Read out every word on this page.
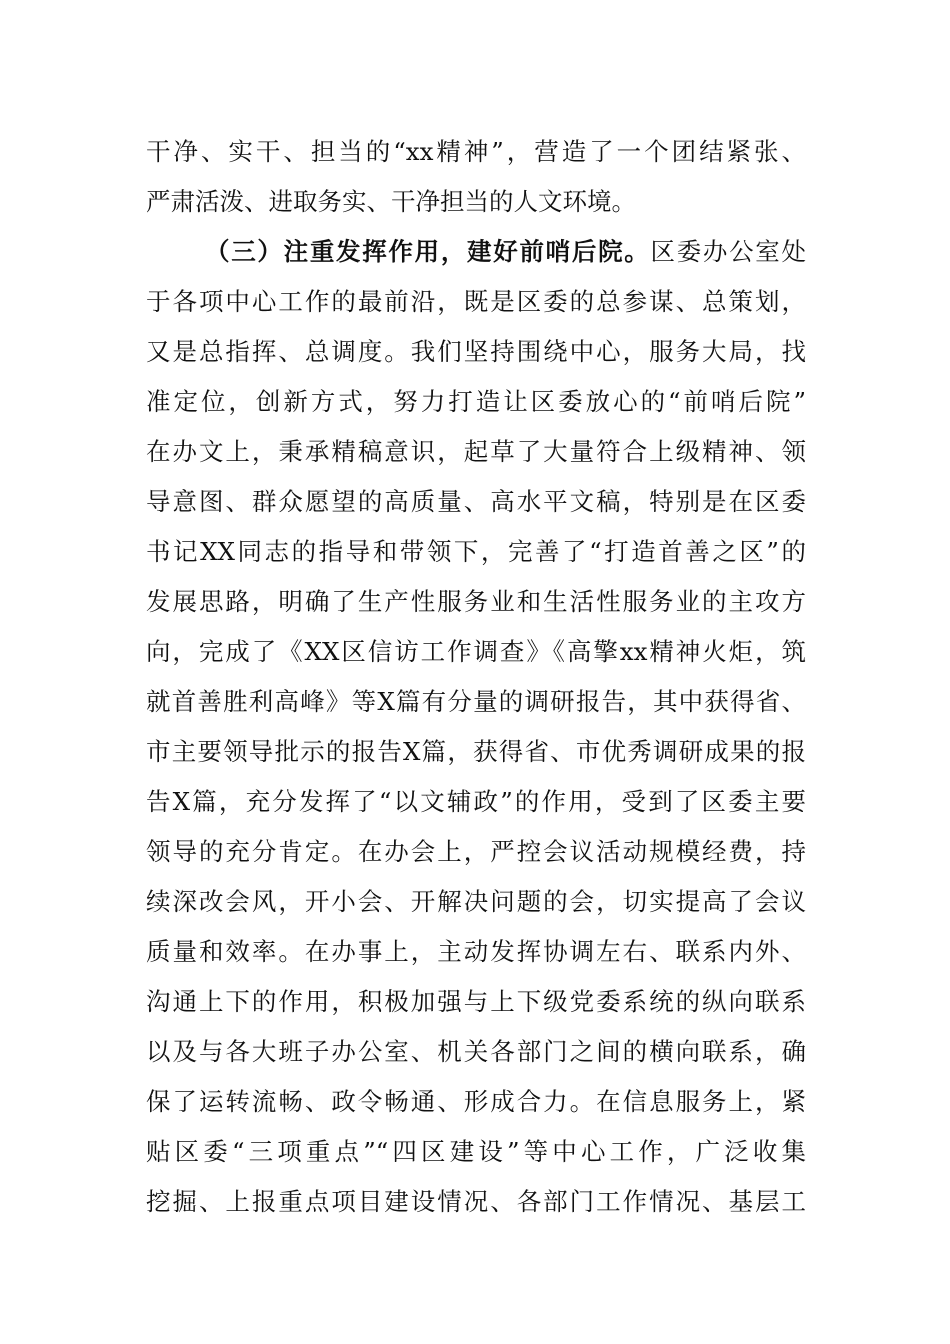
干净、实干、担当的“xx精神”，营造了一个团结紧张、
严肃活泼、进取务实、干净担当的人文环境。
（三）注重发挥作用，建好前哨后院。区委办公室处
于各项中心工作的最前沿，既是区委的总参谋、总策划，
又是总指挥、总调度。我们坚持围绕中心，服务大局，找
准定位，创新方式，努力打造让区委放心的“前哨后院”
在办文上，秉承精稿意识，起草了大量符合上级精神、领
导意图、群众愿望的高质量、高水平文稿，特别是在区委
书记XX同志的指导和带领下，完善了“打造首善之区”的
发展思路，明确了生产性服务业和生活性服务业的主攻方
向，完成了《XX区信访工作调查》《高擎xx精神火炬，筑
就首善胜利高峰》等X篇有分量的调研报告，其中获得省、
市主要领导批示的报告X篇，获得省、市优秀调研成果的报
告X篇，充分发挥了“以文辅政”的作用，受到了区委主要
领导的充分肯定。在办会上，严控会议活动规模经费，持
续深改会风，开小会、开解决问题的会，切实提高了会议
质量和效率。在办事上，主动发挥协调左右、联系内外、
沟通上下的作用，积极加强与上下级党委系统的纵向联系
以及与各大班子办公室、机关各部门之间的横向联系，确
保了运转流畅、政令畅通、形成合力。在信息服务上，紧
贴区委“三项重点”“四区建设”等中心工作，广泛收集
挖掘、上报重点项目建设情况、各部门工作情况、基层工
